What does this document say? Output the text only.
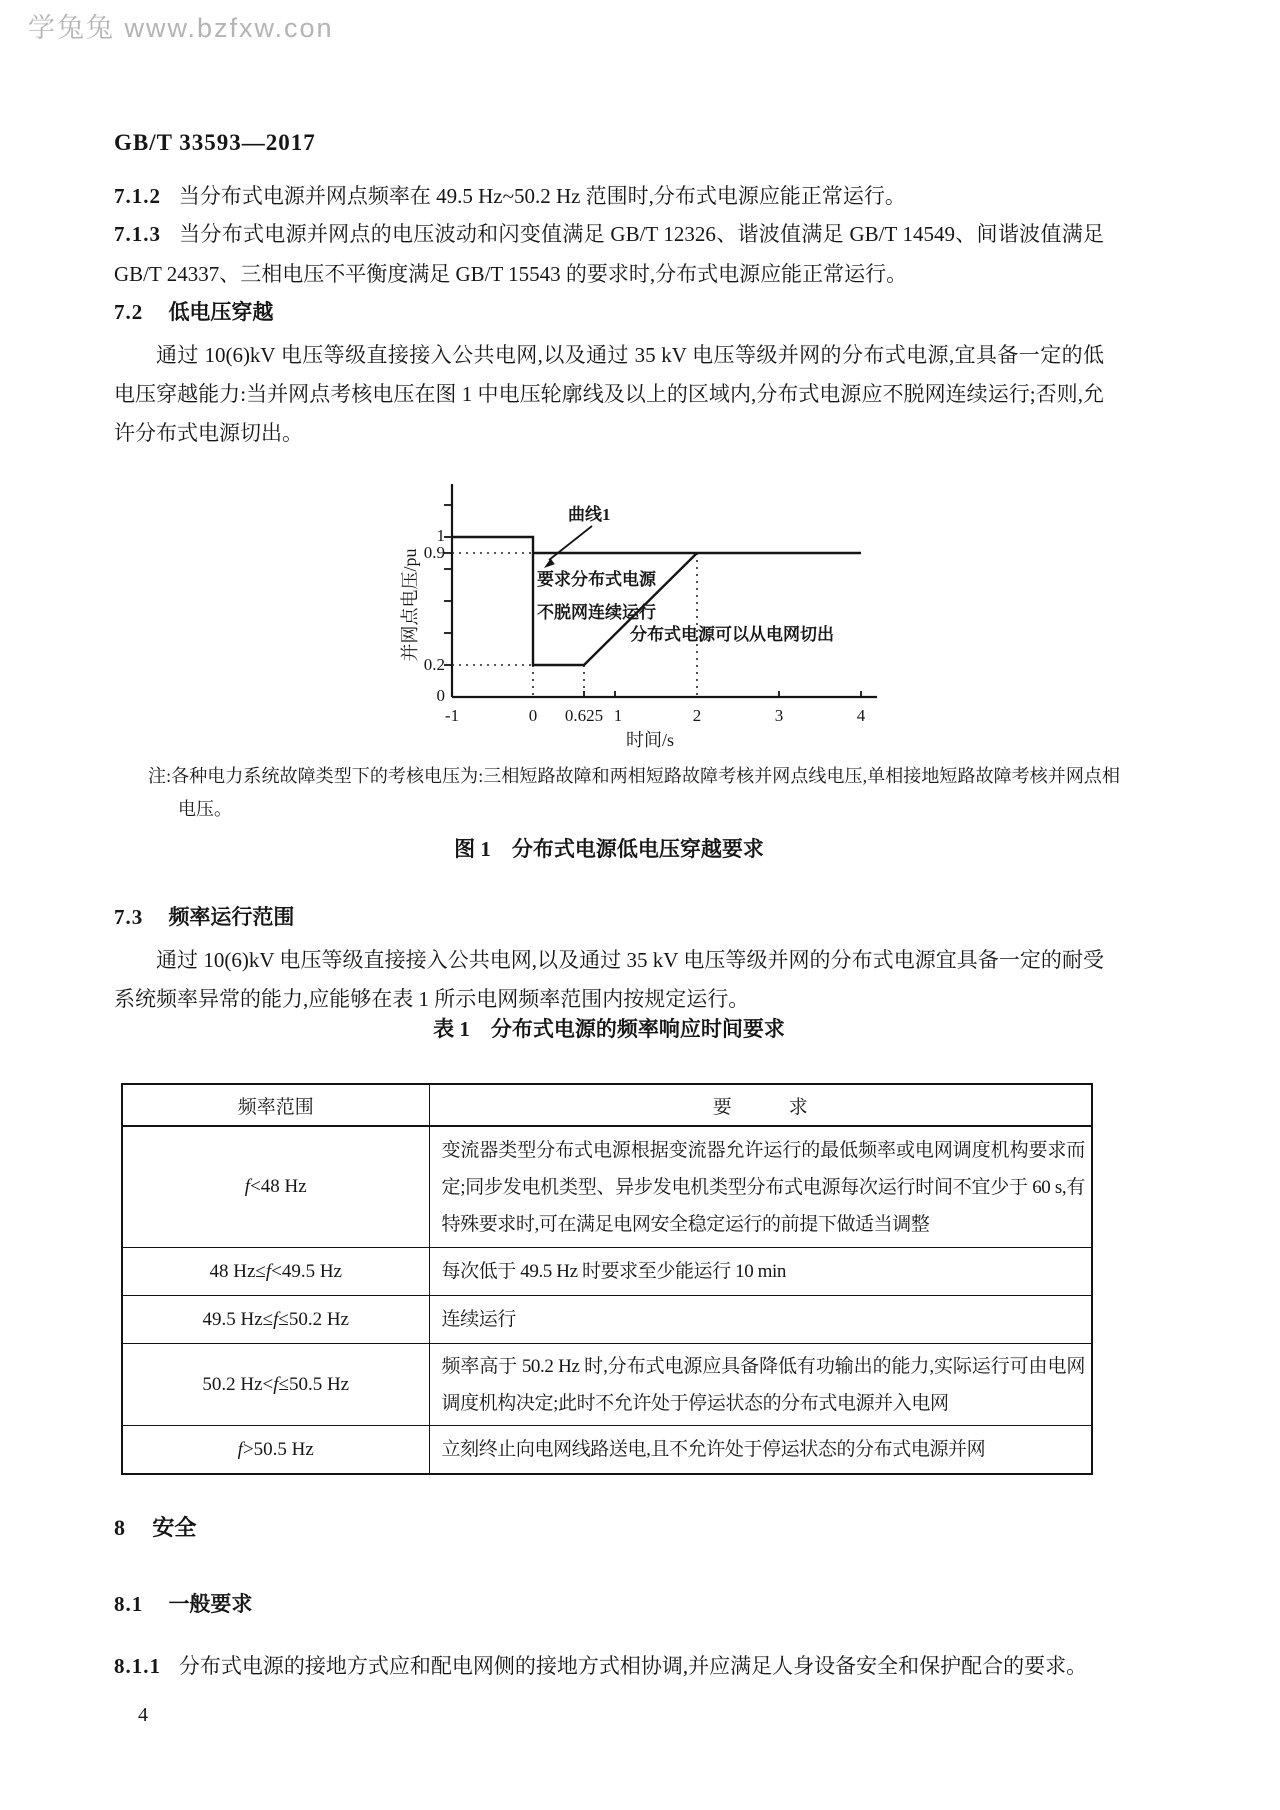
学兔兔 www.bzfxw.con
GB/T 33593—2017
7.1.2 当分布式电源并网点频率在 49.5 Hz~50.2 Hz 范围时,分布式电源应能正常运行。
7.1.3 当分布式电源并网点的电压波动和闪变值满足 GB/T 12326、谐波值满足 GB/T 14549、间谐波值满足 GB/T 24337、三相电压不平衡度满足 GB/T 15543 的要求时,分布式电源应能正常运行。
7.2 低电压穿越
通过 10(6)kV 电压等级直接接入公共电网,以及通过 35 kV 电压等级并网的分布式电源,宜具备一定的低电压穿越能力:当并网点考核电压在图 1 中电压轮廓线及以上的区域内,分布式电源应不脱网连续运行;否则,允许分布式电源切出。
1
0.9
0.2
0
-1	0 0.625 1	2	3	4
时间/s
并网点电压/pu
曲线1
要求分布式电源
不脱网连续运行
分布式电源可以从电网切出
注:各种电力系统故障类型下的考核电压为:三相短路故障和两相短路故障考核并网点线电压,单相接地短路故障考核并网点相电压。
图 1　分布式电源低电压穿越要求
7.3 频率运行范围
通过 10(6)kV 电压等级直接接入公共电网,以及通过 35 kV 电压等级并网的分布式电源宜具备一定的耐受系统频率异常的能力,应能够在表 1 所示电网频率范围内按规定运行。
表 1　分布式电源的频率响应时间要求
频率范围	要　　　求
f<48 Hz	变流器类型分布式电源根据变流器允许运行的最低频率或电网调度机构要求而定;同步发电机类型、异步发电机类型分布式电源每次运行时间不宜少于 60 s,有特殊要求时,可在满足电网安全稳定运行的前提下做适当调整
48 Hz≤f<49.5 Hz	每次低于 49.5 Hz 时要求至少能运行 10 min
49.5 Hz≤f≤50.2 Hz	连续运行
50.2 Hz<f≤50.5 Hz	频率高于 50.2 Hz 时,分布式电源应具备降低有功输出的能力,实际运行可由电网调度机构决定;此时不允许处于停运状态的分布式电源并入电网
f>50.5 Hz	立刻终止向电网线路送电,且不允许处于停运状态的分布式电源并网
8 安全
8.1 一般要求
8.1.1 分布式电源的接地方式应和配电网侧的接地方式相协调,并应满足人身设备安全和保护配合的要求。
4
